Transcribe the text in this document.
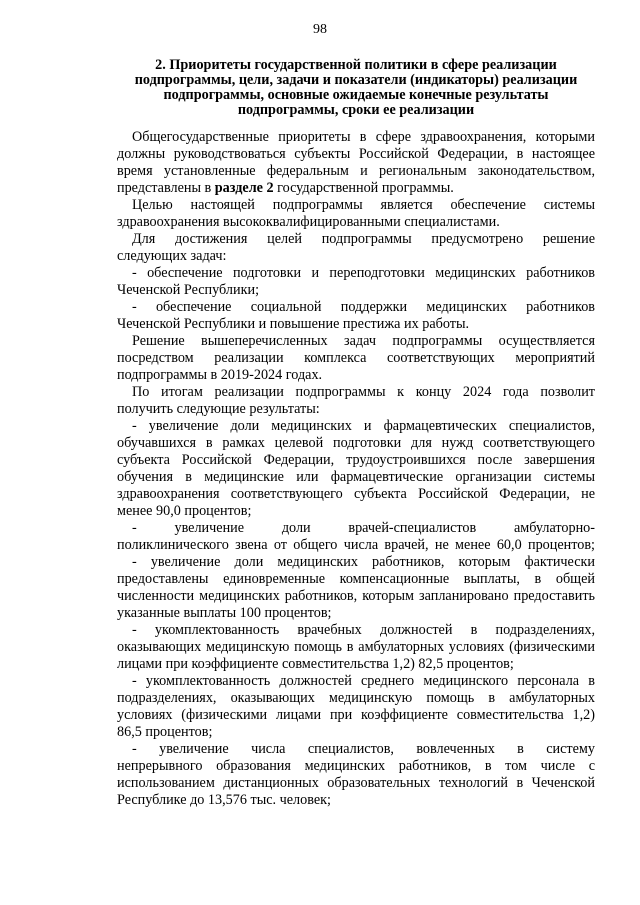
98
2. Приоритеты государственной политики в сфере реализации
подпрограммы, цели, задачи и показатели (индикаторы) реализации
подпрограммы, основные ожидаемые конечные результаты
подпрограммы, сроки ее реализации
Общегосударственные приоритеты в сфере здравоохранения, которыми
должны руководствоваться субъекты Российской Федерации, в настоящее
время установленные федеральным и региональным законодательством,
представлены в разделе 2 государственной программы.
Целью настоящей подпрограммы является обеспечение системы
здравоохранения высококвалифицированными специалистами.
Для достижения целей подпрограммы предусмотрено решение
следующих задач:
- обеспечение подготовки и переподготовки медицинских работников
Чеченской Республики;
- обеспечение социальной поддержки медицинских работников
Чеченской Республики и повышение престижа их работы.
Решение вышеперечисленных задач подпрограммы осуществляется
посредством реализации комплекса соответствующих мероприятий
подпрограммы в 2019-2024 годах.
По итогам реализации подпрограммы к концу 2024 года позволит
получить следующие результаты:
- увеличение доли медицинских и фармацевтических специалистов,
обучавшихся в рамках целевой подготовки для нужд соответствующего
субъекта Российской Федерации, трудоустроившихся после завершения
обучения в медицинские или фармацевтические организации системы
здравоохранения соответствующего субъекта Российской Федерации, не
менее 90,0 процентов;
- увеличение доли врачей-специалистов амбулаторно-
поликлинического звена от общего числа врачей, не менее 60,0 процентов;
- увеличение доли медицинских работников, которым фактически
предоставлены единовременные компенсационные выплаты, в общей
численности медицинских работников, которым запланировано предоставить
указанные выплаты 100 процентов;
- укомплектованность врачебных должностей в подразделениях,
оказывающих медицинскую помощь в амбулаторных условиях (физическими
лицами при коэффициенте совместительства 1,2) 82,5 процентов;
- укомплектованность должностей среднего медицинского персонала в
подразделениях, оказывающих медицинскую помощь в амбулаторных
условиях (физическими лицами при коэффициенте совместительства 1,2)
86,5 процентов;
- увеличение числа специалистов, вовлеченных в систему
непрерывного образования медицинских работников, в том числе с
использованием дистанционных образовательных технологий в Чеченской
Республике до 13,576 тыс. человек;
